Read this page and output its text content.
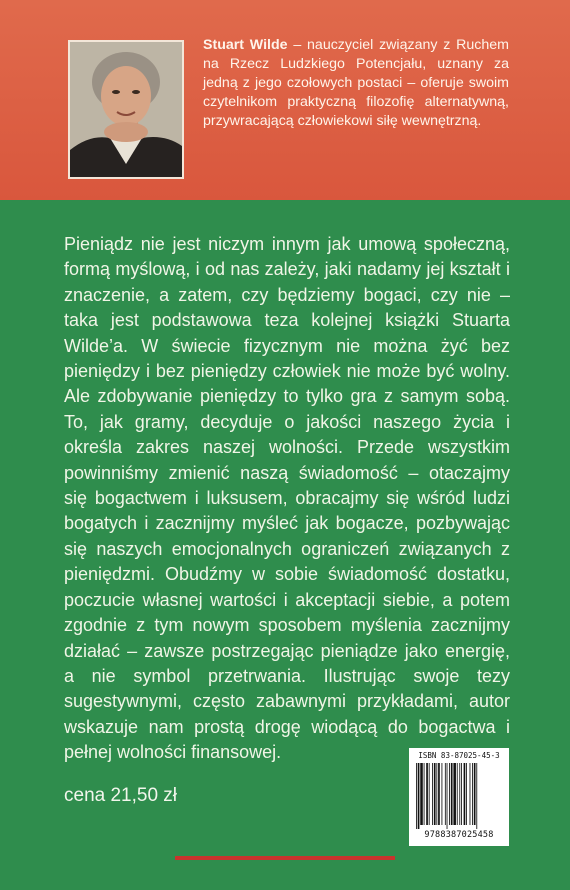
Stuart Wilde – nauczyciel związany z Ruchem na Rzecz Ludzkiego Potencjału, uznany za jedną z jego czołowych postaci – oferuje swoim czytelnikom praktyczną filozofię alternatywną, przywracającą człowiekowi siłę wewnętrzną.
Pieniądz nie jest niczym innym jak umową społeczną, formą myślową, i od nas zależy, jaki nadamy jej kształt i znaczenie, a zatem, czy będziemy bogaci, czy nie – taka jest podstawowa teza kolejnej książki Stuarta Wilde’a. W świecie fizycznym nie można żyć bez pieniędzy i bez pieniędzy człowiek nie może być wolny. Ale zdobywanie pieniędzy to tylko gra z samym sobą. To, jak gramy, decyduje o jakości naszego życia i określa zakres naszej wolności. Przede wszystkim powinniśmy zmienić naszą świadomość – otaczajmy się bogactwem i luksusem, obracajmy się wśród ludzi bogatych i zacznijmy myśleć jak bogacze, pozbywając się naszych emocjonalnych ograniczeń związanych z pieniędzmi. Obudźmy w sobie świadomość dostatku, poczucie własnej wartości i akceptacji siebie, a potem zgodnie z tym nowym sposobem myślenia zacznijmy działać – zawsze postrzegając pieniądze jako energię, a nie symbol przetrwania. Ilustrując swoje tezy sugestywnymi, często zabawnymi przykładami, autor wskazuje nam prostą drogę wiodącą do bogactwa i pełnej wolności finansowej.	ISBN 83-87025-45-3
9788387025458
cena 21,50 zł
